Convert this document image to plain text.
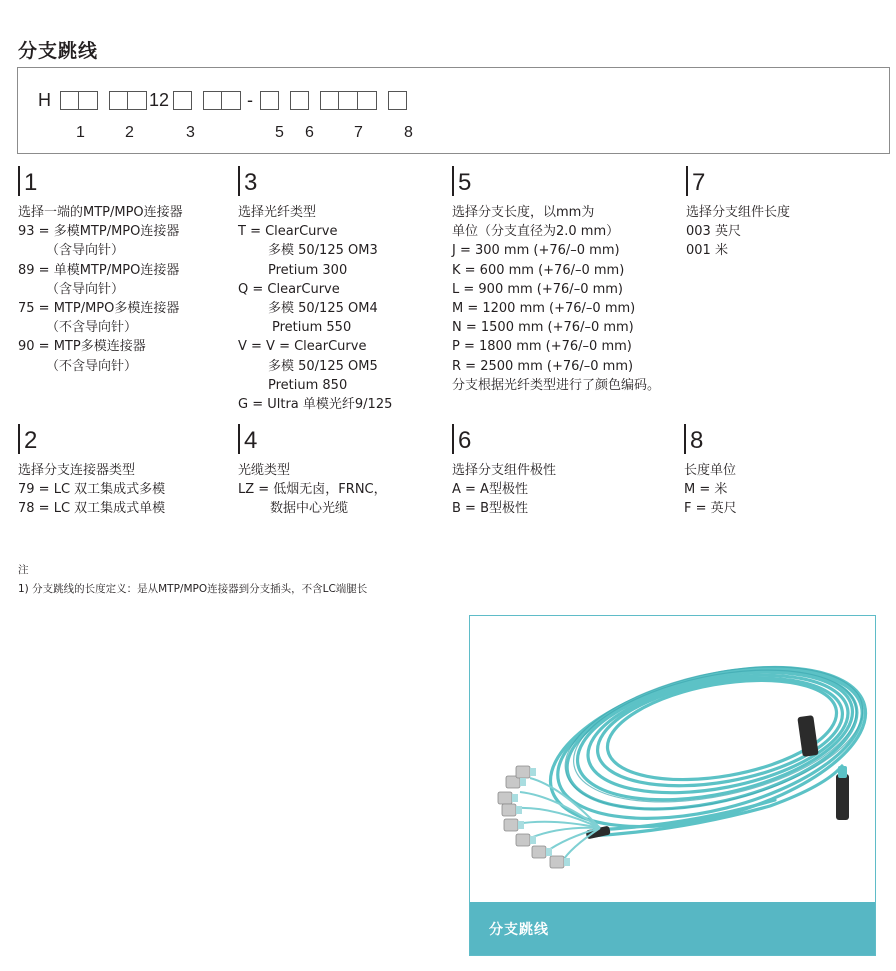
分支跳线
H	12	-
1	2	3	5 6	7	8
1
选择一端的MTP/MPO连接器
93 = 多模MTP/MPO连接器
（含导向针）
89 = 单模MTP/MPO连接器
（含导向针）
75 = MTP/MPO多模连接器
（不含导向针）
90 = MTP多模连接器
（不含导向针）
3
选择光纤类型
T = ClearCurve
多模 50/125 OM3
Pretium 300
Q = ClearCurve
多模 50/125 OM4
Pretium 550
V = V = ClearCurve
多模 50/125 OM5
Pretium 850
G = Ultra 单模光纤9/125
5
选择分支长度，以mm为
单位（分支直径为2.0 mm）
J = 300 mm (+76/–0 mm)
K = 600 mm (+76/–0 mm)
L = 900 mm (+76/–0 mm)
M = 1200 mm (+76/–0 mm)
N = 1500 mm (+76/–0 mm)
P = 1800 mm (+76/–0 mm)
R = 2500 mm (+76/–0 mm)
分支根据光纤类型进行了颜色编码。
7
选择分支组件长度
003 英尺
001 米
2
选择分支连接器类型
79 = LC 双工集成式多模
78 = LC 双工集成式单模
4
光缆类型
LZ = 低烟无卤，FRNC，
数据中心光缆
6
选择分支组件极性
A = A型极性
B = B型极性
8
长度单位
M = 米
F = 英尺
注
1) 分支跳线的长度定义：是从MTP/MPO连接器到分支插头，不含LC端腿长
分支跳线
